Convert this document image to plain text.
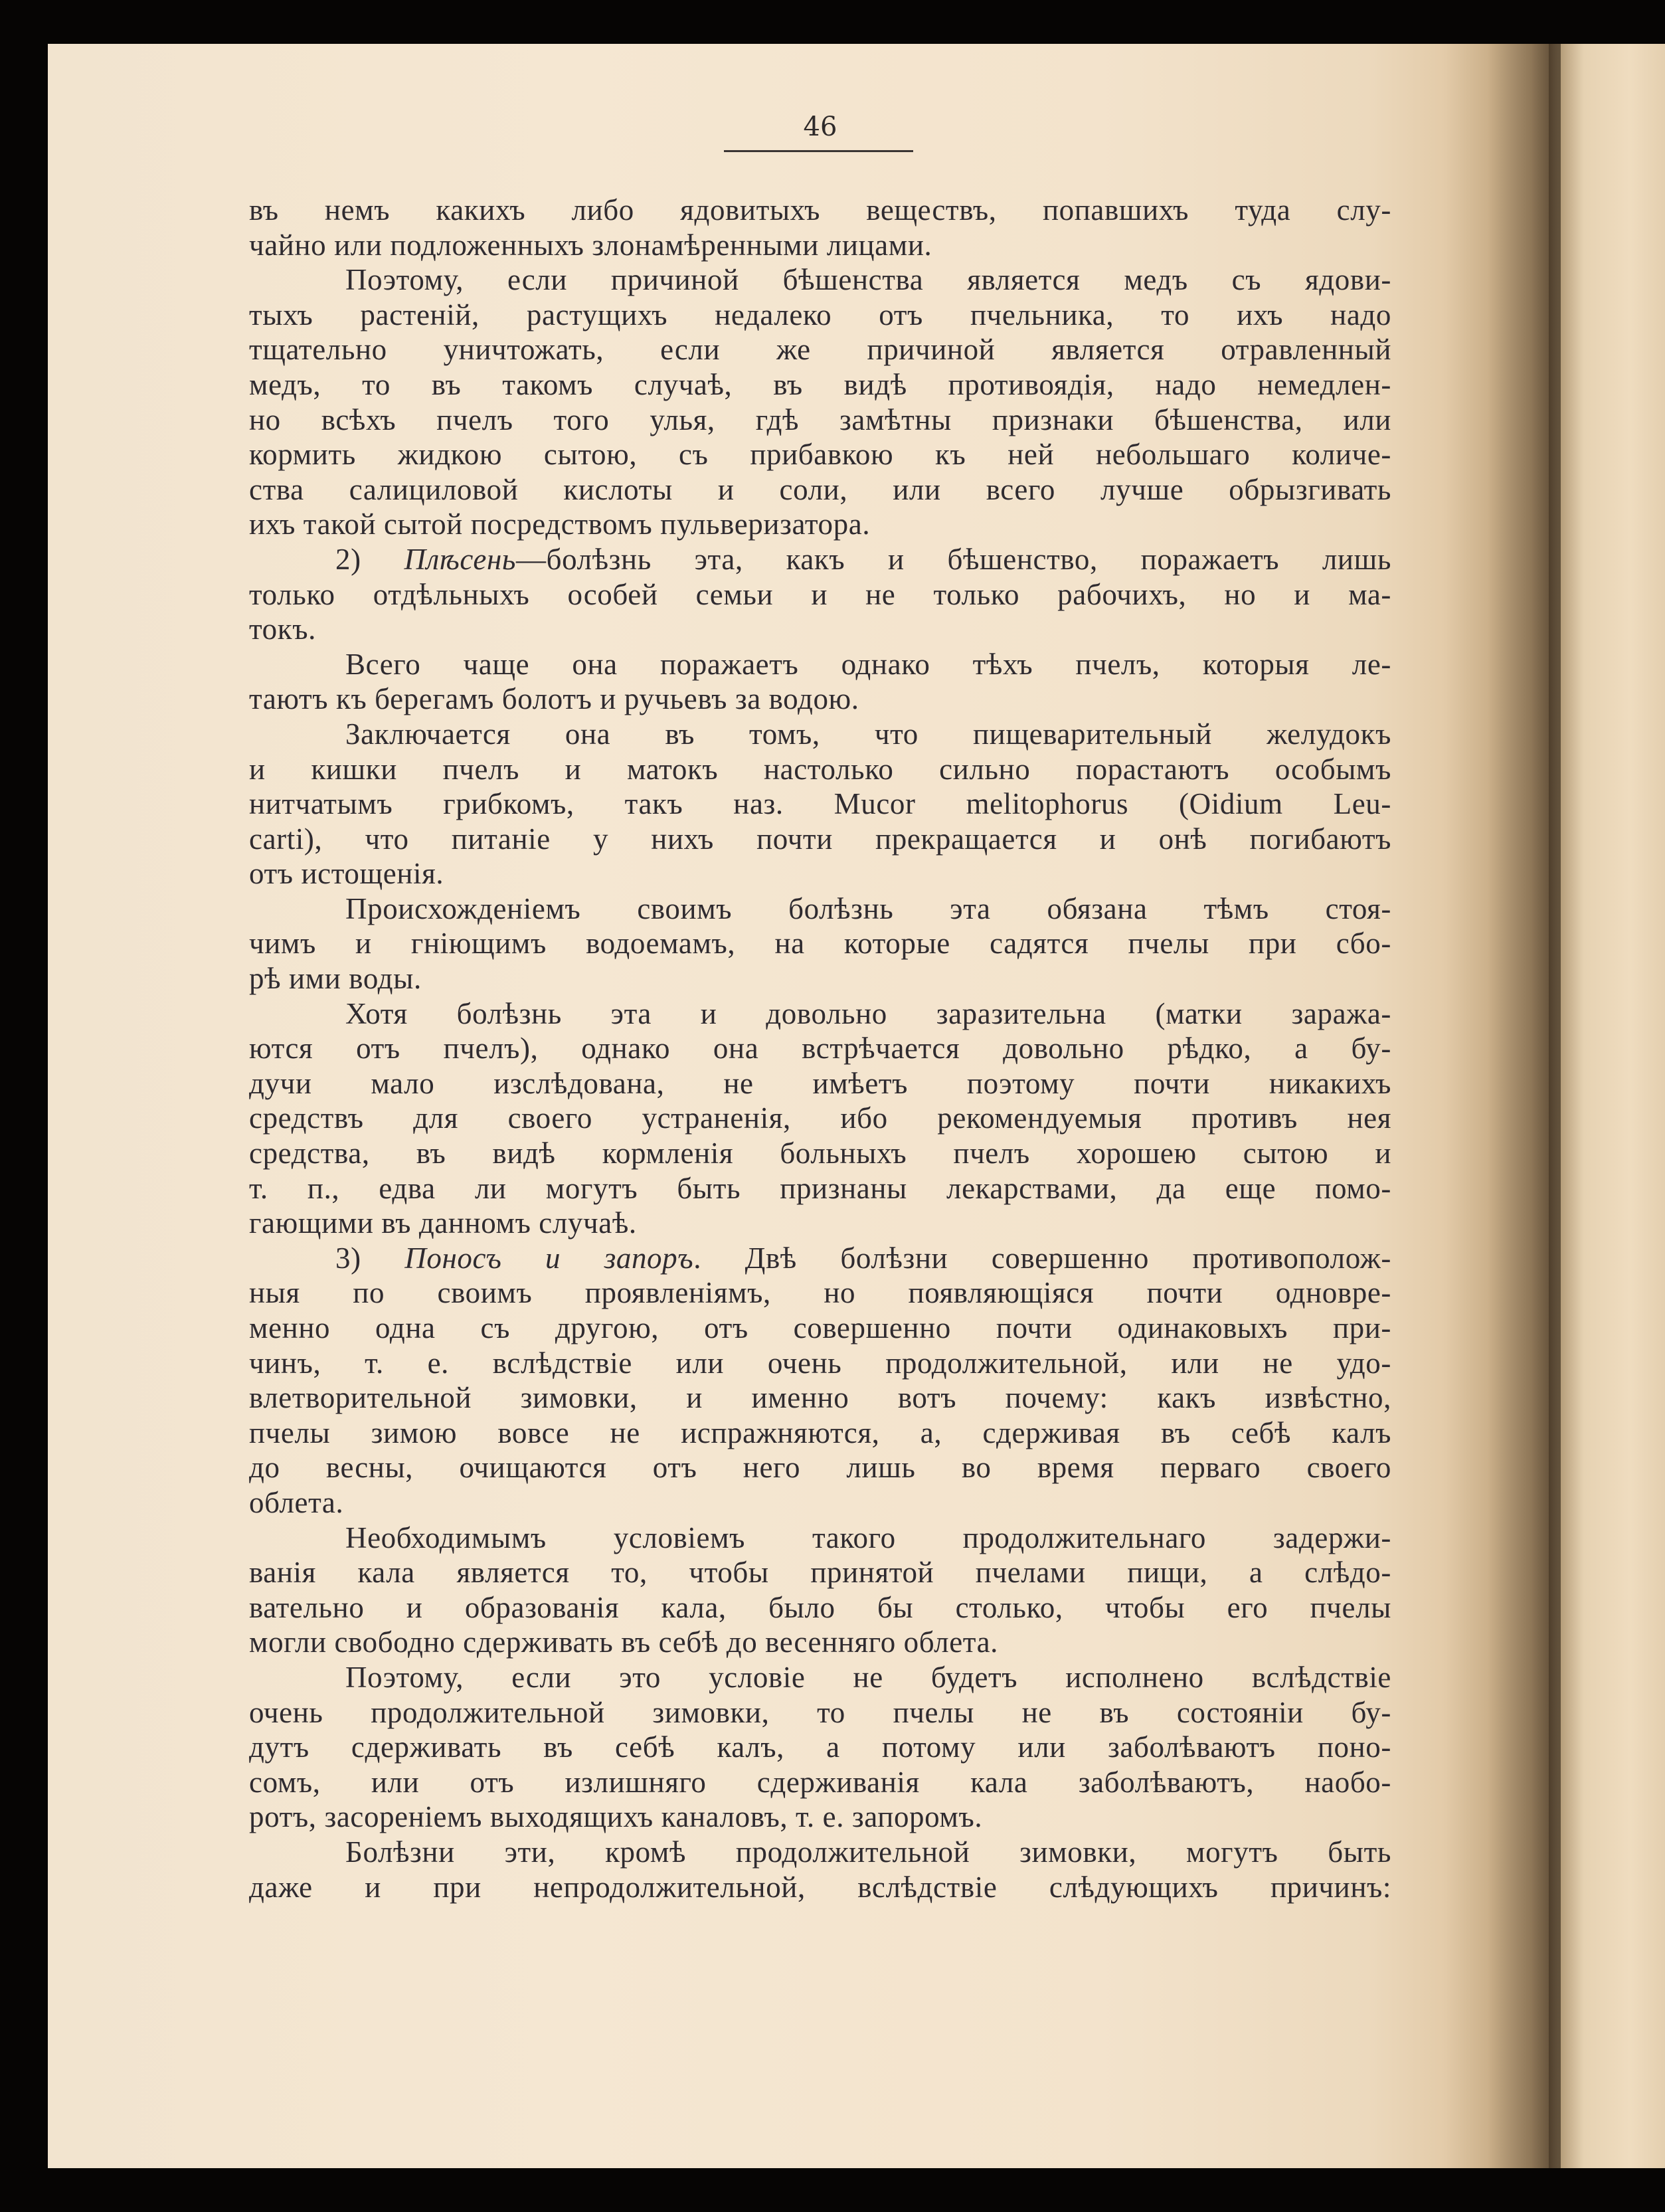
46
въ немъ какихъ либо ядовитыхъ веществъ, попавшихъ туда слу-
чайно или подложенныхъ злонамѣренными лицами.
Поэтому, если причиной бѣшенства является медъ съ ядови-
тыхъ растеній, растущихъ недалеко отъ пчельника, то ихъ надо
тщательно уничтожать, если же причиной является отравленный
медъ, то въ такомъ случаѣ, въ видѣ противоядія, надо немедлен-
но всѣхъ пчелъ того улья, гдѣ замѣтны признаки бѣшенства, или
кормить жидкою сытою, съ прибавкою къ ней небольшаго количе-
ства салициловой кислоты и соли, или всего лучше обрызгивать
ихъ такой сытой посредствомъ пульверизатора.
2) Плѣсень—болѣзнь эта, какъ и бѣшенство, поражаетъ лишь
только отдѣльныхъ особей семьи и не только рабочихъ, но и ма-
токъ.
Всего чаще она поражаетъ однако тѣхъ пчелъ, которыя ле-
таютъ къ берегамъ болотъ и ручьевъ за водою.
Заключается она въ томъ, что пищеварительный желудокъ
и кишки пчелъ и матокъ настолько сильно порастаютъ особымъ
нитчатымъ грибкомъ, такъ наз. Mucor melitophorus (Oidium Leu-
carti), что питаніе у нихъ почти прекращается и онѣ погибаютъ
отъ истощенія.
Происхожденіемъ своимъ болѣзнь эта обязана тѣмъ стоя-
чимъ и гніющимъ водоемамъ, на которые садятся пчелы при сбо-
рѣ ими воды.
Хотя болѣзнь эта и довольно заразительна (матки заража-
ются отъ пчелъ), однако она встрѣчается довольно рѣдко, а бу-
дучи мало изслѣдована, не имѣетъ поэтому почти никакихъ
средствъ для своего устраненія, ибо рекомендуемыя противъ нея
средства, въ видѣ кормленія больныхъ пчелъ хорошею сытою и
т. п., едва ли могутъ быть признаны лекарствами, да еще помо-
гающими въ данномъ случаѣ.
3) Поносъ и запоръ. Двѣ болѣзни совершенно противополож-
ныя по своимъ проявленіямъ, но появляющіяся почти одновре-
менно одна съ другою, отъ совершенно почти одинаковыхъ при-
чинъ, т. е. вслѣдствіе или очень продолжительной, или не удо-
влетворительной зимовки, и именно вотъ почему: какъ извѣстно,
пчелы зимою вовсе не испражняются, а, сдерживая въ себѣ калъ
до весны, очищаются отъ него лишь во время перваго своего
облета.
Необходимымъ условіемъ такого продолжительнаго задержи-
ванія кала является то, чтобы принятой пчелами пищи, а слѣдо-
вательно и образованія кала, было бы столько, чтобы его пчелы
могли свободно сдерживать въ себѣ до весенняго облета.
Поэтому, если это условіе не будетъ исполнено вслѣдствіе
очень продолжительной зимовки, то пчелы не въ состояніи бу-
дутъ сдерживать въ себѣ калъ, а потому или заболѣваютъ поно-
сомъ, или отъ излишняго сдерживанія кала заболѣваютъ, наобо-
ротъ, засореніемъ выходящихъ каналовъ, т. е. запоромъ.
Болѣзни эти, кромѣ продолжительной зимовки, могутъ быть
даже и при непродолжительной, вслѣдствіе слѣдующихъ причинъ:
